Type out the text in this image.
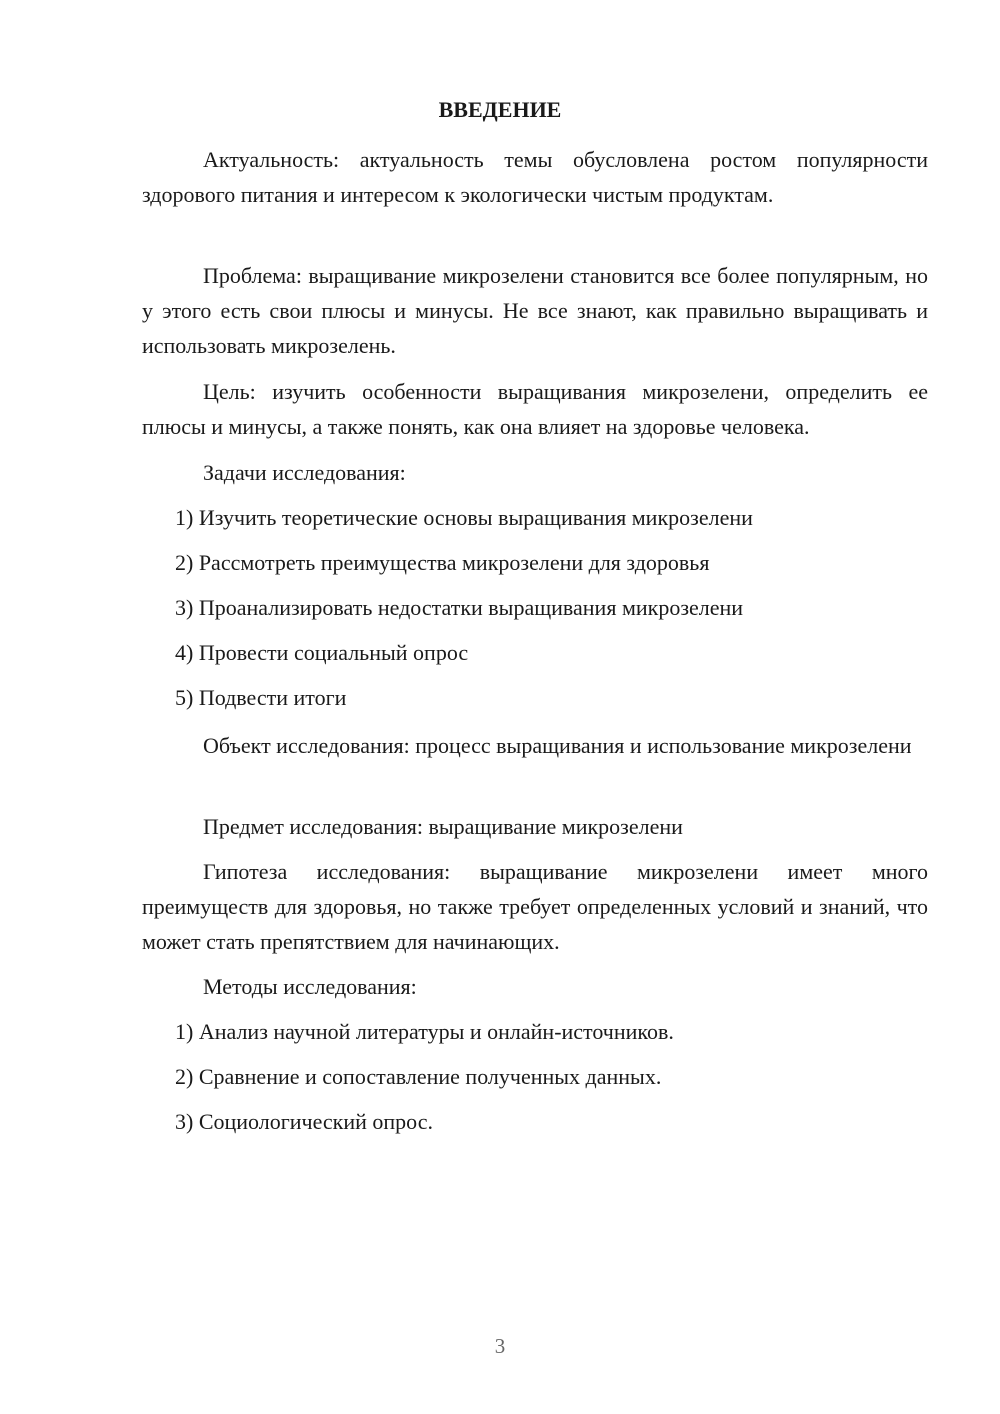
ВВЕДЕНИЕ

Актуальность: актуальность темы обусловлена ростом популярности здорового питания и интересом к экологически чистым продуктам.

Проблема: выращивание микрозелени становится все более популярным, но у этого есть свои плюсы и минусы. Не все знают, как правильно выращивать и использовать микрозелень.

Цель: изучить особенности выращивания микрозелени, определить ее плюсы и минусы, а также понять, как она влияет на здоровье человека.

Задачи исследования:

1) Изучить теоретические основы выращивания микрозелени

2) Рассмотреть преимущества микрозелени для здоровья

3) Проанализировать недостатки выращивания микрозелени

4) Провести социальный опрос

5) Подвести итоги

Объект исследования: процесс выращивания и использование микрозелени

Предмет исследования: выращивание микрозелени

Гипотеза исследования: выращивание микрозелени имеет много преимуществ для здоровья, но также требует определенных условий и знаний, что может стать препятствием для начинающих.

Методы исследования:

1) Анализ научной литературы и онлайн-источников.

2) Сравнение и сопоставление полученных данных.

3) Социологический опрос.

3
